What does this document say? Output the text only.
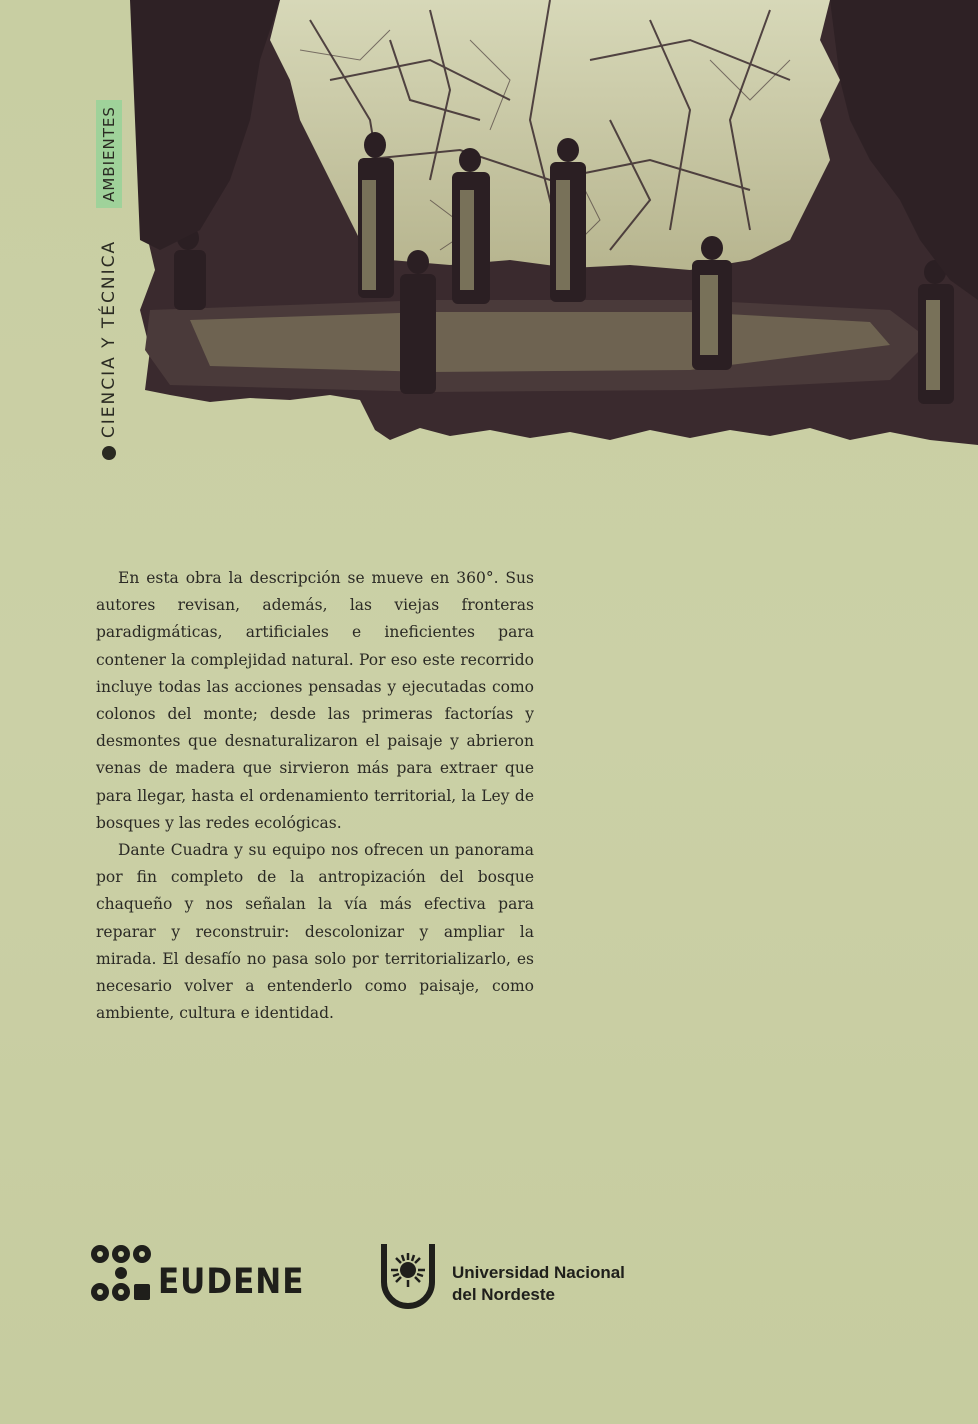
AMBIENTES
CIENCIA Y TÉCNICA

En esta obra la descripción se mueve en 360°. Sus autores revisan, además, las viejas fronteras paradigmáticas, artificiales e ineficientes para contener la complejidad natural. Por eso este recorrido incluye todas las acciones pensadas y ejecutadas como colonos del monte; desde las primeras factorías y desmontes que desnaturalizaron el paisaje y abrieron venas de madera que sirvieron más para extraer que para llegar, hasta el ordenamiento territorial, la Ley de bosques y las redes ecológicas.

Dante Cuadra y su equipo nos ofrecen un panorama por fin completo de la antropización del bosque chaqueño y nos señalan la vía más efectiva para reparar y reconstruir: descolonizar y ampliar la mirada. El desafío no pasa solo por territorializarlo, es necesario volver a entenderlo como paisaje, como ambiente, cultura e identidad.

EUDENE	Universidad Nacional
del Nordeste
